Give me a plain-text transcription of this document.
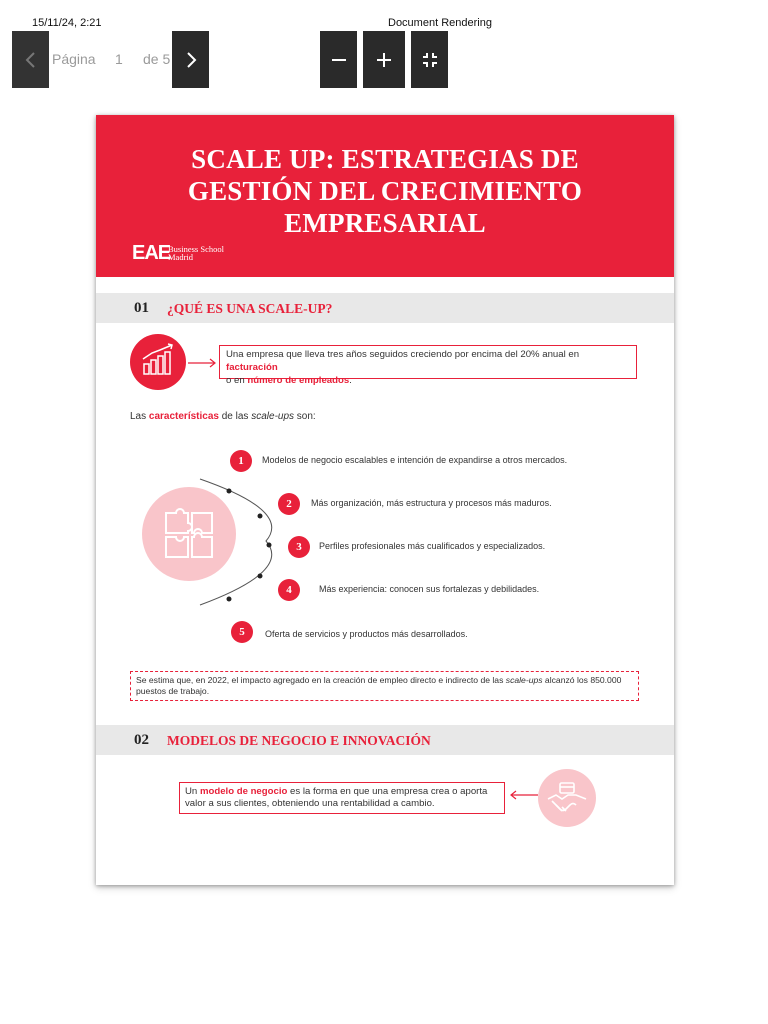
15/11/24, 2:21	Document Rendering
Página 1 de 5
SCALE UP: ESTRATEGIAS DE
GESTIÓN DEL CRECIMIENTO
EMPRESARIAL
EAE
Business School
Madrid
01 ¿QUÉ ES UNA SCALE-UP?
Una empresa que lleva tres años seguidos creciendo por encima del 20% anual en facturación
o en número de empleados.
Las características de las scale-ups son:
1	Modelos de negocio escalables e intención de expandirse a otros mercados.
2	Más organización, más estructura y procesos más maduros.
3	Perfiles profesionales más cualificados y especializados.
4	Más experiencia: conocen sus fortalezas y debilidades.
5	Oferta de servicios y productos más desarrollados.
Se estima que, en 2022, el impacto agregado en la creación de empleo directo e indirecto de las scale-ups alcanzó los 850.000
puestos de trabajo.
02 MODELOS DE NEGOCIO E INNOVACIÓN
Un modelo de negocio es la forma en que una empresa crea o aporta
valor a sus clientes, obteniendo una rentabilidad a cambio.
